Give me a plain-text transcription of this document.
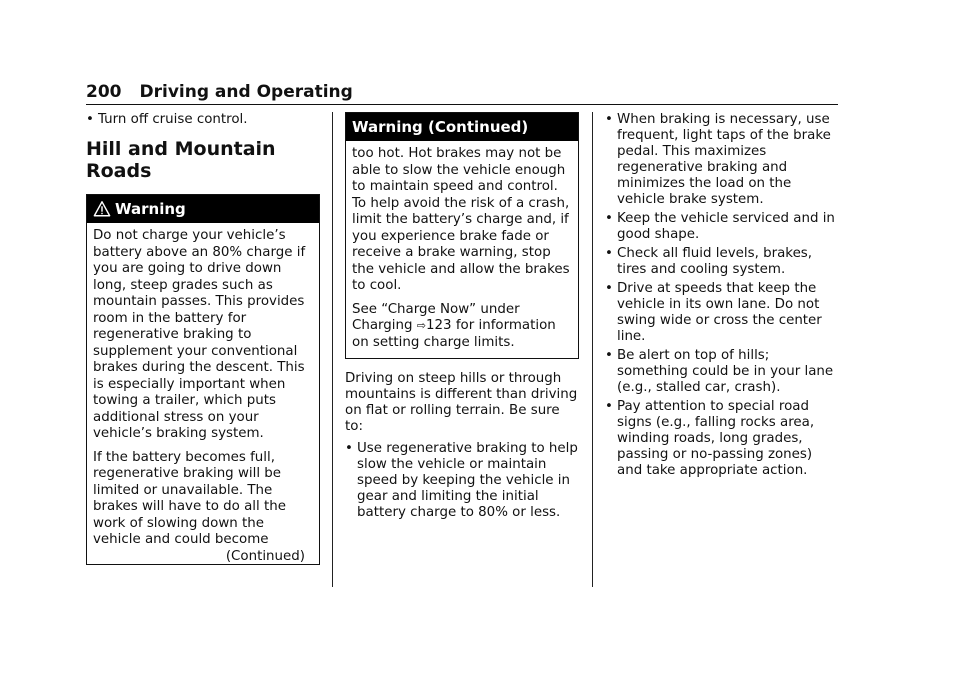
200 Driving and Operating
• Turn off cruise control.
Hill and Mountain
Roads
Warning

Do not charge your vehicle’s battery above an 80% charge if you are going to drive down long, steep grades such as mountain passes. This provides room in the battery for regenerative braking to supplement your conventional brakes during the descent. This is especially important when towing a trailer, which puts additional stress on your vehicle’s braking system.

If the battery becomes full, regenerative braking will be limited or unavailable. The brakes will have to do all the work of slowing down the vehicle and could become

(Continued)
Warning (Continued)

too hot. Hot brakes may not be able to slow the vehicle enough to maintain speed and control. To help avoid the risk of a crash, limit the battery’s charge and, if you experience brake fade or receive a brake warning, stop the vehicle and allow the brakes to cool.

See “Charge Now” under Charging ⇨123 for information on setting charge limits.

Driving on steep hills or through mountains is different than driving on flat or rolling terrain. Be sure to:
• Use regenerative braking to help slow the vehicle or maintain speed by keeping the vehicle in gear and limiting the initial battery charge to 80% or less.
• When braking is necessary, use frequent, light taps of the brake pedal. This maximizes regenerative braking and minimizes the load on the vehicle brake system.
• Keep the vehicle serviced and in good shape.
• Check all fluid levels, brakes, tires and cooling system.
• Drive at speeds that keep the vehicle in its own lane. Do not swing wide or cross the center line.
• Be alert on top of hills; something could be in your lane (e.g., stalled car, crash).
• Pay attention to special road signs (e.g., falling rocks area, winding roads, long grades, passing or no-passing zones) and take appropriate action.
